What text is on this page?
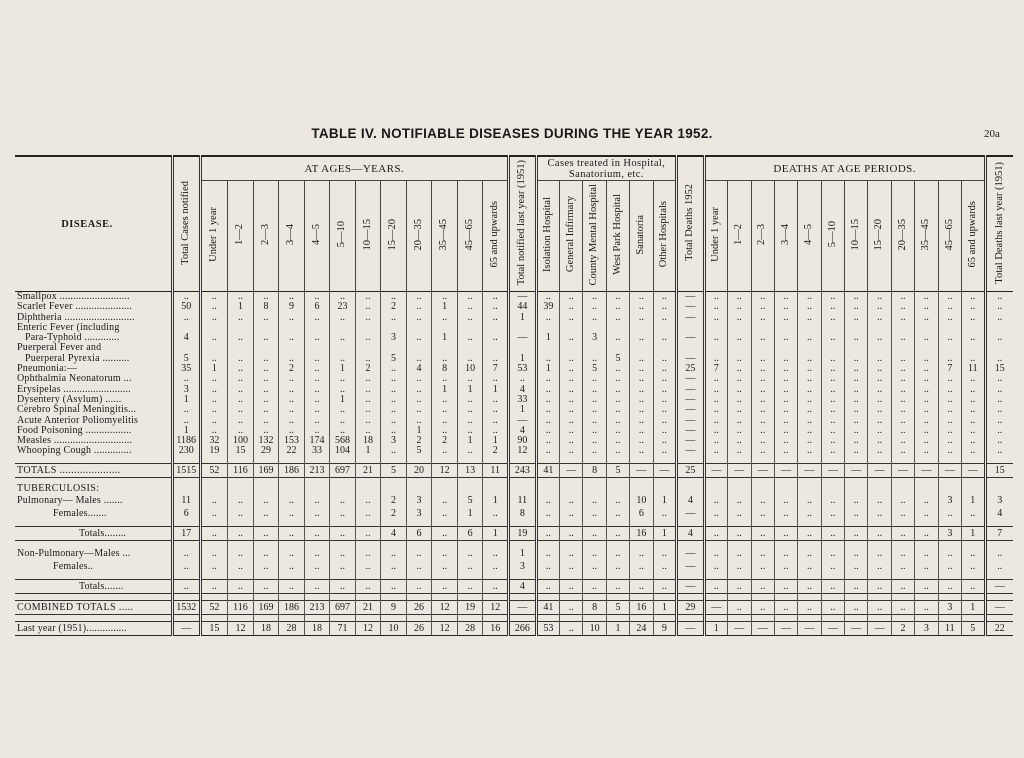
20a
TABLE IV. NOTIFIABLE DISEASES DURING THE YEAR 1952.
DISEASE.	Total Cases notified	AT AGES—YEARS.												Total notified last year (1951)	Cases treated in Hospital,
Sanatorium, etc.						Total Deaths 1952	DEATHS AT AGE PERIODS.												Total Deaths last year (1951)
		Under 1 year	1—2	2—3	3—4	4—5	5—10	10—15	15—20	20—35	35—45	45—65	65 and upwards		Isolation Hospital	General Infirmary	County Mental Hospital	West Park Hospital	Sanatoria	Other Hospitals		Under 1 year	1—2	2—3	3—4	4—5	5—10	10—15	15—20	20—35	35—45	45—65	65 and upwards	
Smallpox ..........................	..	..	..	..	..	..	..	..	..	..	..	..	..	—	..	..	..	..	..	..	—	..	..	..	..	..	..	..	..	..	..	..	..	..
Scarlet Fever .....................	50	..	1	8	9	6	23	..	2	..	1	..	..	44	39	..	..	..	..	..	—	..	..	..	..	..	..	..	..	..	..	..	..	..
Diphtheria ..........................	..	..	..	..	..	..	..	..	..	..	..	..	..	1	..	..	..	..	..	..	—	..	..	..	..	..	..	..	..	..	..	..	..	..
Enteric Fever (including																																		
Para-Typhoid .............	4	..	..	..	..	..	..	..	3	..	1	..	..	—	1	..	3	..	..	..	—	..	..	..	..	..	..	..	..	..	..	..	..	..
Puerperal Fever and																																		
Puerperal Pyrexia ..........	5	..	..	..	..	..	..	..	5	..	..	..	..	1	..	..	..	5	..	..	—	..	..	..	..	..	..	..	..	..	..	..	..	..
Pneumonia:—	35	1	..	..	2	..	1	2	..	4	8	10	7	53	1	..	5	..	..	..	25	7	..	..	..	..	..	..	..	..	..	7	11	15
Ophthalmia Neonatorum ...	..	..	..	..	..	..	..	..	..	..	..	..	..	..	..	..	..	..	..	..	—	..	..	..	..	..	..	..	..	..	..	..	..	..
Erysipelas .........................	3	..	..	..	..	..	..	..	..	..	1	1	1	4	..	..	..	..	..	..	—	..	..	..	..	..	..	..	..	..	..	..	..	..
Dysentery (Asylum) ......	1	..	..	..	..	..	1	..	..	..	..	..	..	33	..	..	..	..	..	..	—	..	..	..	..	..	..	..	..	..	..	..	..	..
Cerebro Spinal Meningitis...	..	..	..	..	..	..	..	..	..	..	..	..	..	1	..	..	..	..	..	..	—	..	..	..	..	..	..	..	..	..	..	..	..	..
Acute Anterior Poliomyelitis	..	..	..	..	..	..	..	..	..	..	..	..	..	—	..	..	..	..	..	..	—	..	..	..	..	..	..	..	..	..	..	..	..	..
Food Poisoning .................	1	..	..	..	..	..	..	..	..	1	..	..	..	4	..	..	..	..	..	..	—	..	..	..	..	..	..	..	..	..	..	..	..	..
Measles .............................	1186	32	100	132	153	174	568	18	3	2	2	1	1	90	..	..	..	..	..	..	—	..	..	..	..	..	..	..	..	..	..	..	..	..
Whooping Cough ..............	230	19	15	29	22	33	104	1	..	5	..	..	2	12	..	..	..	..	..	..	—	..	..	..	..	..	..	..	..	..	..	..	..	..

TOTALS .....................	1515	52	116	169	186	213	697	21	5	20	12	13	11	243	41	—	8	5	—	—	25	—	—	—	—	—	—	—	—	—	—	—	—	15

TUBERCULOSIS:																																		
Pulmonary— Males .......	11	..	..	..	..	..	..	..	2	3	..	5	1	11	..	..	..	..	10	1	4	..	..	..	..	..	..	..	..	..	..	3	1	3
Females.......	6	..	..	..	..	..	..	..	2	3	..	1	..	8	..	..	..	..	6	..	—	..	..	..	..	..	..	..	..	..	..	..	..	4

Totals........	17	..	..	..	..	..	..	..	4	6	..	6	1	19	..	..	..	..	16	1	4	..	..	..	..	..	..	..	..	..	..	3	1	7

Non-Pulmonary—Males ...	..	..	..	..	..	..	..	..	..	..	..	..	..	1	..	..	..	..	..	..	—	..	..	..	..	..	..	..	..	..	..	..	..	..
Females..	..	..	..	..	..	..	..	..	..	..	..	..	..	3	..	..	..	..	..	..	—	..	..	..	..	..	..	..	..	..	..	..	..	..

Totals.......	..	..	..	..	..	..	..	..	..	..	..	..	..	4	..	..	..	..	..	..	—	..	..	..	..	..	..	..	..	..	..	..	..	—

COMBINED TOTALS .....	1532	52	116	169	186	213	697	21	9	26	12	19	12	—	41	..	8	5	16	1	29	—	..	..	..	..	..	..	..	..	..	3	1	—

Last year (1951)...............	—	15	12	18	28	18	71	12	10	26	12	28	16	266	53	..	10	1	24	9	—	1	—	—	—	—	—	—	—	2	3	11	5	22
